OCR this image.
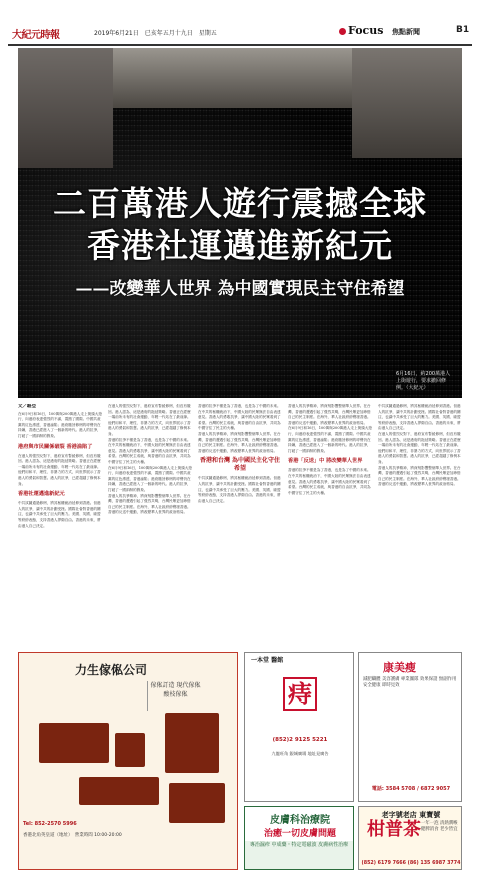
大紀元時報	2019年6月21日　已亥年五月十九日　星期五	Focus 焦點新聞	B1
二百萬港人遊行震撼全球
香港社運邁進新紀元
——改變華人世界 為中國實現民主守住希望
6月16日，約200萬港人上街遊行，要求撤回修例。（大紀元）
文／駱亞
在6月9日和16日，100萬與200萬港人走上街頭大遊行，向港府表達強烈的不滿，震撼了國際。中國共產黨的紅色滲透，香港淪陷；港府撤回修例的呼聲仍在持續，香港已經進入了一個新的時代。港人的抗爭，打破了一國兩制的假象。
港府與市民關係破裂 香港淪陷了
在港人的強烈反對下，港府宣布暫緩修例，但沒有撤回。港人認為，這是港府的拖延策略。香港正在經歷一場前所未有的社會運動，年輕一代站在了最前線。他們用和平、理性、非暴力的方式，向世界展示了香港人的勇氣和智慧。港人的抗爭，已經超越了修例本身。
香港社運邁進新紀元
中共試圖通過修例，將其極權統治延伸到香港。但港人的抗爭，讓中共的計劃受挫。國際社會對香港的關注，也讓中共承受了巨大的壓力。美國、英國、歐盟等紛紛表態，支持香港人捍衛自由。香港的未來，將由港人自己決定。
在港人的強烈反對下，港府宣布暫緩修例，但沒有撤回。港人認為，這是港府的拖延策略。香港正在經歷一場前所未有的社會運動，年輕一代站在了最前線。他們用和平、理性、非暴力的方式，向世界展示了香港人的勇氣和智慧。港人的抗爭，已經超越了修例本身。
香港的抗爭不僅是為了香港，也是為了中國的未來。在中共的極權統治下，中國大陸的民眾無法自由表達意見。香港人的勇敢抗爭，讓中國大陸的民眾看到了希望。台灣的民主成就，與香港的自由抗爭，共同為中國守住了民主的火種。
在6月9日和16日，100萬與200萬港人走上街頭大遊行，向港府表達強烈的不滿，震撼了國際。中國共產黨的紅色滲透，香港淪陷；港府撤回修例的呼聲仍在持續，香港已經進入了一個新的時代。港人的抗爭，打破了一國兩制的假象。
香港人的抗爭精神，將深刻影響整個華人世界。在台灣，香港的遭遇引起了強烈共鳴，台灣民眾更加珍惜自己的民主制度。在海外，華人社區紛紛聲援香港。香港的反送中運動，將改變華人世界的政治格局。
香港的抗爭不僅是為了香港，也是為了中國的未來。在中共的極權統治下，中國大陸的民眾無法自由表達意見。香港人的勇敢抗爭，讓中國大陸的民眾看到了希望。台灣的民主成就，與香港的自由抗爭，共同為中國守住了民主的火種。
香港人的抗爭精神，將深刻影響整個華人世界。在台灣，香港的遭遇引起了強烈共鳴，台灣民眾更加珍惜自己的民主制度。在海外，華人社區紛紛聲援香港。香港的反送中運動，將改變華人世界的政治格局。
香港和台灣 為中國民主化守住希望
中共試圖通過修例，將其極權統治延伸到香港。但港人的抗爭，讓中共的計劃受挫。國際社會對香港的關注，也讓中共承受了巨大的壓力。美國、英國、歐盟等紛紛表態，支持香港人捍衛自由。香港的未來，將由港人自己決定。
香港人的抗爭精神，將深刻影響整個華人世界。在台灣，香港的遭遇引起了強烈共鳴，台灣民眾更加珍惜自己的民主制度。在海外，華人社區紛紛聲援香港。香港的反送中運動，將改變華人世界的政治格局。
在6月9日和16日，100萬與200萬港人走上街頭大遊行，向港府表達強烈的不滿，震撼了國際。中國共產黨的紅色滲透，香港淪陷；港府撤回修例的呼聲仍在持續，香港已經進入了一個新的時代。港人的抗爭，打破了一國兩制的假象。
香港「反送」中 將改變華人世界
香港的抗爭不僅是為了香港，也是為了中國的未來。在中共的極權統治下，中國大陸的民眾無法自由表達意見。香港人的勇敢抗爭，讓中國大陸的民眾看到了希望。台灣的民主成就，與香港的自由抗爭，共同為中國守住了民主的火種。
中共試圖通過修例，將其極權統治延伸到香港。但港人的抗爭，讓中共的計劃受挫。國際社會對香港的關注，也讓中共承受了巨大的壓力。美國、英國、歐盟等紛紛表態，支持香港人捍衛自由。香港的未來，將由港人自己決定。
在港人的強烈反對下，港府宣布暫緩修例，但沒有撤回。港人認為，這是港府的拖延策略。香港正在經歷一場前所未有的社會運動，年輕一代站在了最前線。他們用和平、理性、非暴力的方式，向世界展示了香港人的勇氣和智慧。港人的抗爭，已經超越了修例本身。
香港人的抗爭精神，將深刻影響整個華人世界。在台灣，香港的遭遇引起了強烈共鳴，台灣民眾更加珍惜自己的民主制度。在海外，華人社區紛紛聲援香港。香港的反送中運動，將改變華人世界的政治格局。
力生傢俬公司
傢俬訂造 現代傢俬 酸枝傢俬
Tel: 852-2570 5996
香港北角英皇道（地址）　營業時間 10:00-20:00
一本堂 醫館
痔
(852)2 9125 5221
九龍旺角 銀城廣場 地址見廣告
康美瘦
減肥纖體 美容護膚 專業團隊 效果保證 無副作用 安全健康 即時見效
電話: 3584 5708 / 6872 9057
皮膚科治療院
治癒一切皮膚問題
專治濕疹 中成藥・特定電磁波 皮膚病性治療
老字號老店 東寶號
柑普茶 一年一泡 清熱潤喉 健脾消食 老少皆宜
(852) 6179 7666 (86) 135 6987 3774
